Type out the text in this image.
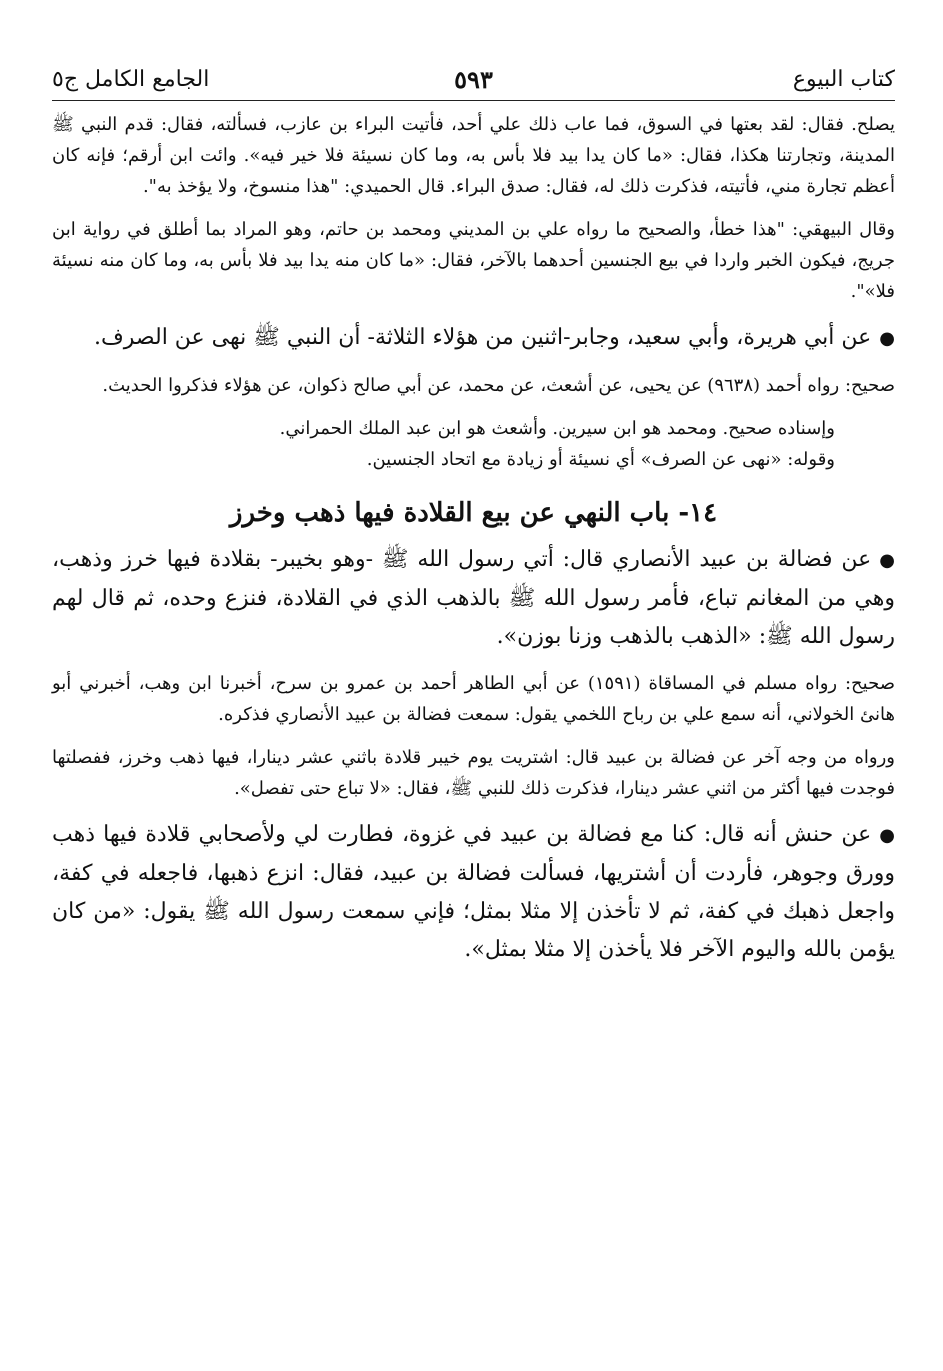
كتاب البيوع
٥٩٣
الجامع الكامل ج٥

يصلح. فقال: لقد بعتها في السوق، فما عاب ذلك علي أحد، فأتيت البراء بن عازب، فسألته، فقال: قدم النبي ﷺ المدينة، وتجارتنا هكذا، فقال: «ما كان يدا بيد فلا بأس به، وما كان نسيئة فلا خير فيه». وائت ابن أرقم؛ فإنه كان أعظم تجارة مني، فأتيته، فذكرت ذلك له، فقال: صدق البراء. قال الحميدي: "هذا منسوخ، ولا يؤخذ به".

وقال البيهقي: "هذا خطأ، والصحيح ما رواه علي بن المديني ومحمد بن حاتم، وهو المراد بما أطلق في رواية ابن جريج، فيكون الخبر واردا في بيع الجنسين أحدهما بالآخر، فقال: «ما كان منه يدا بيد فلا بأس به، وما كان منه نسيئة فلا»".

●عن أبي هريرة، وأبي سعيد، وجابر-اثنين من هؤلاء الثلاثة- أن النبي ﷺ نهى عن الصرف.

صحيح: رواه أحمد (٩٦٣٨) عن يحيى، عن أشعث، عن محمد، عن أبي صالح ذكوان، عن هؤلاء فذكروا الحديث.

وإسناده صحيح. ومحمد هو ابن سيرين. وأشعث هو ابن عبد الملك الحمراني.

وقوله: «نهى عن الصرف» أي نسيئة أو زيادة مع اتحاد الجنسين.

١٤- باب النهي عن بيع القلادة فيها ذهب وخرز

●عن فضالة بن عبيد الأنصاري قال: أتي رسول الله ﷺ -وهو بخيبر- بقلادة فيها خرز وذهب، وهي من المغانم تباع، فأمر رسول الله ﷺ بالذهب الذي في القلادة، فنزع وحده، ثم قال لهم رسول الله ﷺ: «الذهب بالذهب وزنا بوزن».

صحيح: رواه مسلم في المساقاة (١٥٩١) عن أبي الطاهر أحمد بن عمرو بن سرح، أخبرنا ابن وهب، أخبرني أبو هانئ الخولاني، أنه سمع علي بن رباح اللخمي يقول: سمعت فضالة بن عبيد الأنصاري فذكره.

ورواه من وجه آخر عن فضالة بن عبيد قال: اشتريت يوم خيبر قلادة باثني عشر دينارا، فيها ذهب وخرز، ففصلتها فوجدت فيها أكثر من اثني عشر دينارا، فذكرت ذلك للنبي ﷺ، فقال: «لا تباع حتى تفصل».

●عن حنش أنه قال: كنا مع فضالة بن عبيد في غزوة، فطارت لي ولأصحابي قلادة فيها ذهب وورق وجوهر، فأردت أن أشتريها، فسألت فضالة بن عبيد، فقال: انزع ذهبها، فاجعله في كفة، واجعل ذهبك في كفة، ثم لا تأخذن إلا مثلا بمثل؛ فإني سمعت رسول الله ﷺ يقول: «من كان يؤمن بالله واليوم الآخر فلا يأخذن إلا مثلا بمثل».
